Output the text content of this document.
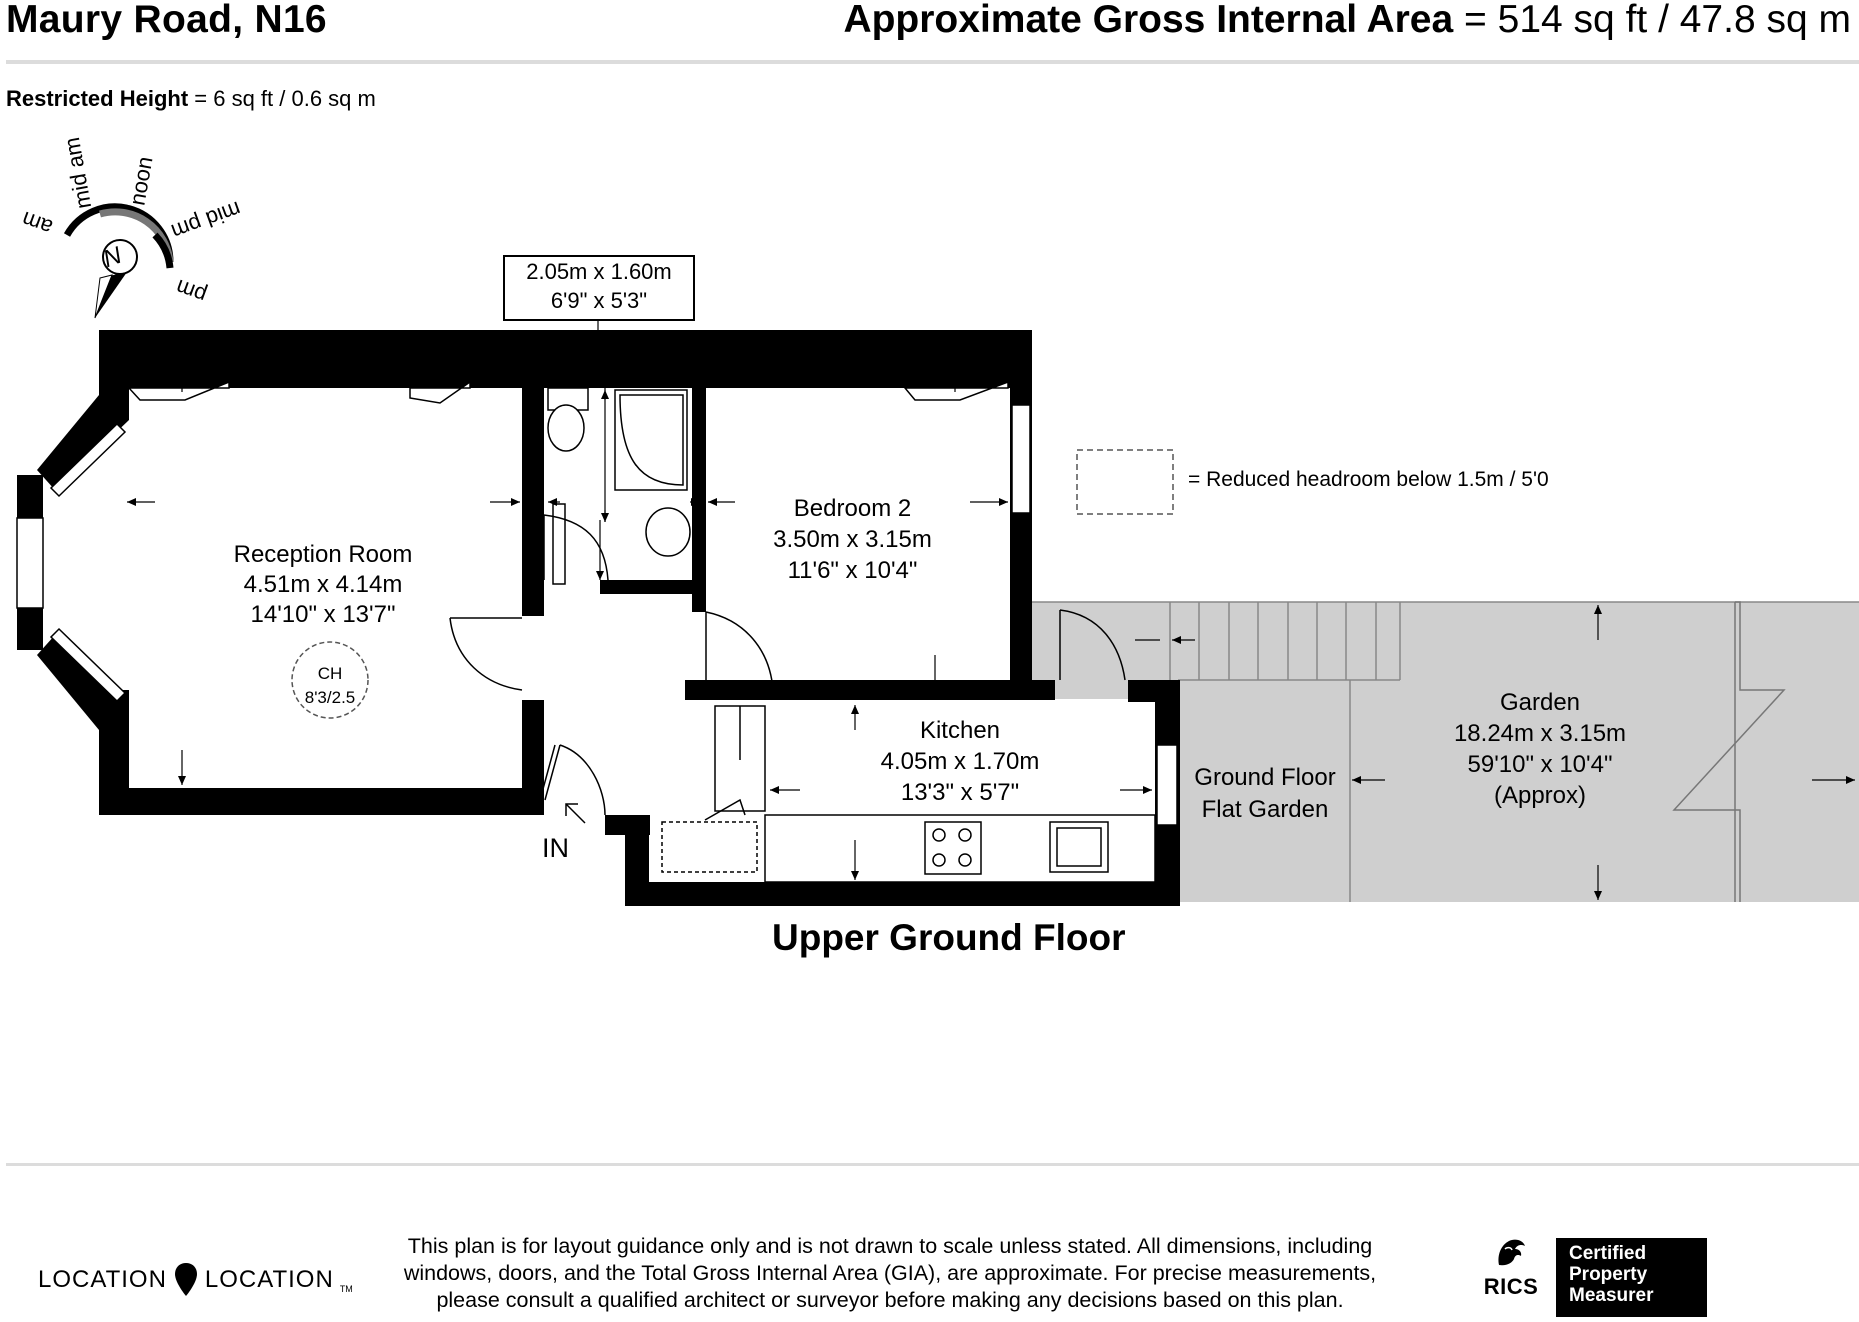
Maury Road, N16	Approximate Gross Internal Area = 514 sq ft / 47.8 sq m
Restricted Height = 6 sq ft / 0.6 sq m
N
am
mid am noon
mid pm
pm
2.05m x 1.60m
6'9" x 5'3"
Reception Room
4.51m x 4.14m
14'10" x 13'7"
CH
8'3/2.5
Bedroom 2
3.50m x 3.15m
11'6" x 10'4"
Kitchen
4.05m x 1.70m
13'3" x 5'7"
Ground Floor
Flat Garden
Garden
18.24m x 3.15m
59'10" x 10'4"
(Approx)
= Reduced headroom below 1.5m / 5'0
IN
Upper Ground Floor
LOCATION LOCATION TM
This plan is for layout guidance only and is not drawn to scale unless stated. All dimensions, including windows, doors, and the Total Gross Internal Area (GIA), are approximate. For precise measurements, please consult a qualified architect or surveyor before making any decisions based on this plan.
RICS
Certified
Property
Measurer
